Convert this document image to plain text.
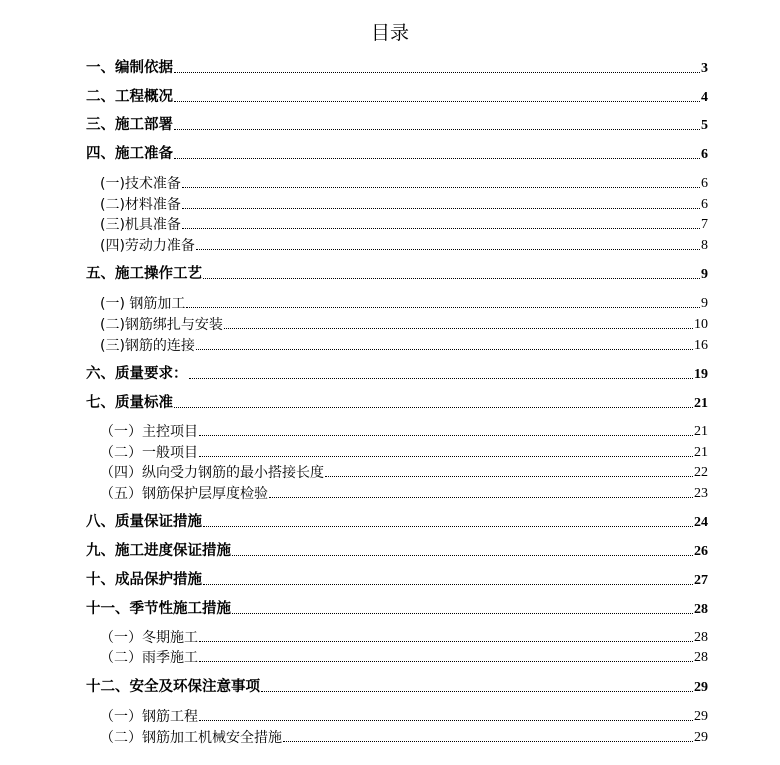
目录
一、编制依据	3
二、工程概况	4
三、施工部署	5
四、施工准备	6
(一)技术准备	6
(二)材料准备	6
(三)机具准备	7
(四)劳动力准备	8
五、施工操作工艺	9
(一) 钢筋加工	9
(二)钢筋绑扎与安装	10
(三)钢筋的连接	16
六、质量要求：	19
七、质量标准	21
（一）主控项目	21
（二）一般项目	21
（四）纵向受力钢筋的最小搭接长度	22
（五）钢筋保护层厚度检验	23
八、质量保证措施	24
九、施工进度保证措施	26
十、成品保护措施	27
十一、季节性施工措施	28
（一）冬期施工	28
（二）雨季施工	28
十二、安全及环保注意事项	29
（一）钢筋工程	29
（二）钢筋加工机械安全措施	29
